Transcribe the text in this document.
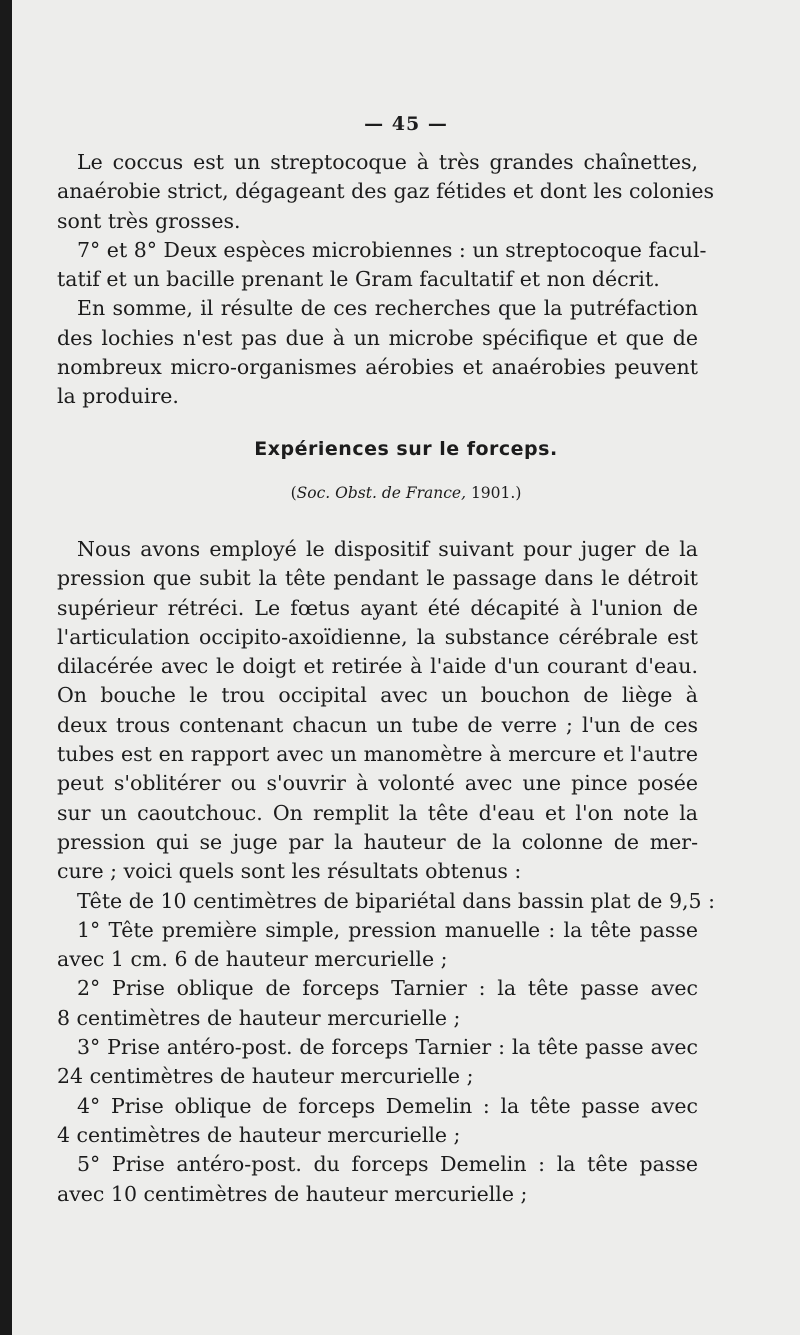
— 45 —
Le coccus est un streptocoque à très grandes chaînettes,
anaérobie strict, dégageant des gaz fétides et dont les colonies
sont très grosses.
7° et 8° Deux espèces microbiennes : un streptocoque facul-
tatif et un bacille prenant le Gram facultatif et non décrit.
En somme, il résulte de ces recherches que la putréfaction
des lochies n'est pas due à un microbe spécifique et que de
nombreux micro-organismes aérobies et anaérobies peuvent
la produire.
Expériences sur le forceps.
(Soc. Obst. de France, 1901.)
Nous avons employé le dispositif suivant pour juger de la
pression que subit la tête pendant le passage dans le détroit
supérieur rétréci. Le fœtus ayant été décapité à l'union de
l'articulation occipito-axoïdienne, la substance cérébrale est
dilacérée avec le doigt et retirée à l'aide d'un courant d'eau.
On bouche le trou occipital avec un bouchon de liège à
deux trous contenant chacun un tube de verre ; l'un de ces
tubes est en rapport avec un manomètre à mercure et l'autre
peut s'oblitérer ou s'ouvrir à volonté avec une pince posée
sur un caoutchouc. On remplit la tête d'eau et l'on note la
pression qui se juge par la hauteur de la colonne de mer-
cure ; voici quels sont les résultats obtenus :
Tête de 10 centimètres de bipariétal dans bassin plat de 9,5 :
1° Tête première simple, pression manuelle : la tête passe
avec 1 cm. 6 de hauteur mercurielle ;
2° Prise oblique de forceps Tarnier : la tête passe avec
8 centimètres de hauteur mercurielle ;
3° Prise antéro-post. de forceps Tarnier : la tête passe avec
24 centimètres de hauteur mercurielle ;
4° Prise oblique de forceps Demelin : la tête passe avec
4 centimètres de hauteur mercurielle ;
5° Prise antéro-post. du forceps Demelin : la tête passe
avec 10 centimètres de hauteur mercurielle ;
